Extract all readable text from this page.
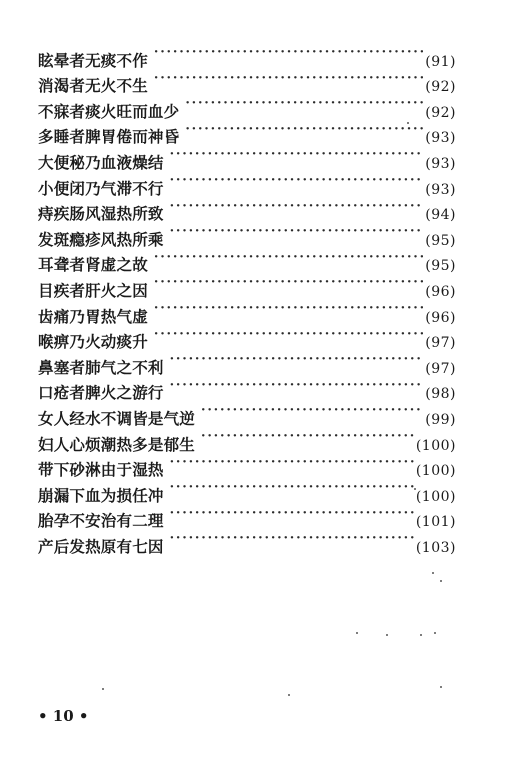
眩晕者无痰不作 ·····	(91)
消渴者无火不生 ·····	(92)
不寐者痰火旺而血少 ·····	(92)
多睡者脾胃倦而神昏 ·····	(93)
大便秘乃血液燥结 ·····	(93)
小便闭乃气滞不行 ·····	(93)
痔疾肠风湿热所致 ·····	(94)
发斑瘾疹风热所乘 ·····	(95)
耳聋者肾虚之故 ·····	(95)
目疾者肝火之因 ·····	(96)
齿痛乃胃热气虚 ·····	(96)
喉痹乃火动痰升 ·····	(97)
鼻塞者肺气之不利 ·····	(97)
口疮者脾火之游行 ·····	(98)
女人经水不调皆是气逆 ·····	(99)
妇人心烦潮热多是郁生 ·····	(100)
带下砂淋由于湿热 ·····	(100)
崩漏下血为损任冲 ·····	(100)
胎孕不安治有二理 ·····	(101)
产后发热原有七因 ·····	(103)
• 10 •
